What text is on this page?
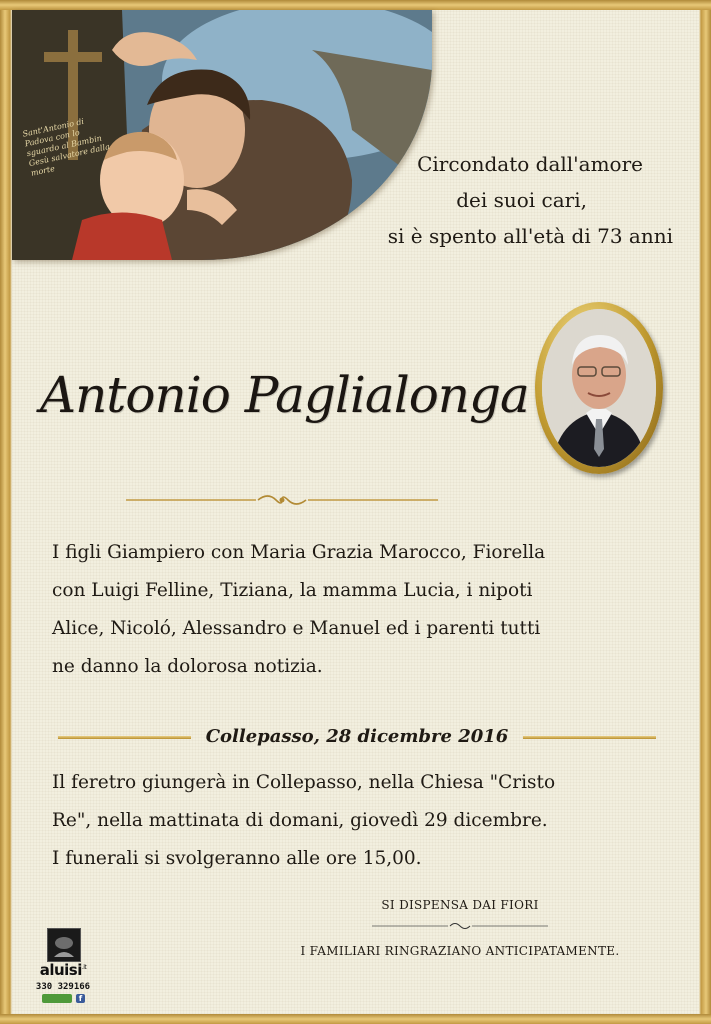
Sant'Antonio di Padova con lo sguardo al Bambin Gesù salvatore dalla morte	Circondato dall'amore
dei suoi cari,
si è spento all'età di 73 anni
Antonio Paglialonga
I figli Giampiero con Maria Grazia Marocco, Fiorella
con Luigi Felline, Tiziana, la mamma Lucia, i nipoti
Alice, Nicoló, Alessandro e Manuel ed i parenti tutti
ne danno la dolorosa notizia.
Collepasso, 28 dicembre 2016
Il feretro giungerà in Collepasso, nella Chiesa "Cristo
Re", nella mattinata di domani, giovedì 29 dicembre.
I funerali si svolgeranno alle ore 15,00.
SI DISPENSA DAI FIORI
I FAMILIARI RINGRAZIANO ANTICIPATAMENTE.
aluisi$^{.it}$
330 329166
f
